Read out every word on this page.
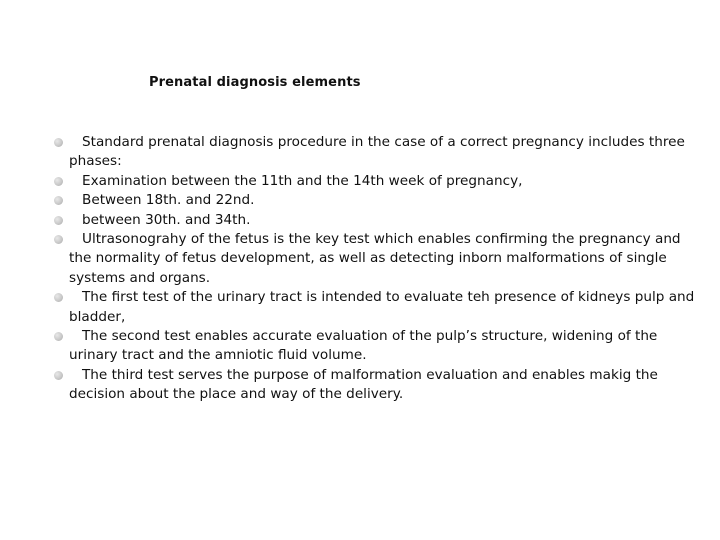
Prenatal diagnosis elements
Standard prenatal diagnosis procedure in the case of a correct pregnancy includes three phases:
Examination between the 11th and the 14th week of pregnancy,
Between 18th. and 22nd.
between 30th. and 34th.
Ultrasonograhy of the fetus is the key test which enables confirming the pregnancy and the normality of fetus development, as well as detecting inborn malformations of single systems and organs.
The first test of the urinary tract is intended to evaluate teh presence of kidneys pulp and bladder,
The second test enables accurate evaluation of the pulp’s structure, widening of the urinary tract and the amniotic fluid volume.
The third test serves the purpose of malformation evaluation and enables makig the decision about the place and way of the delivery.
